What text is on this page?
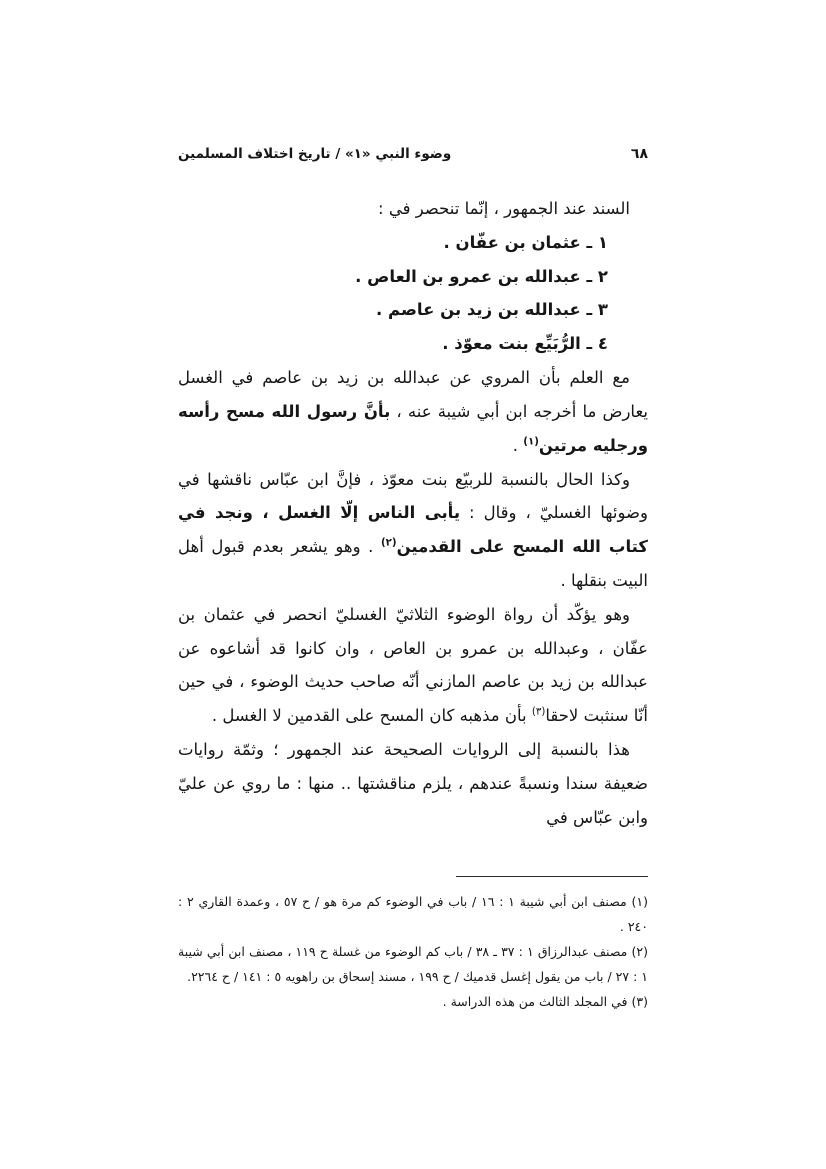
وضوء النبي «١» / تاريخ اختلاف المسلمين	٦٨

السند عند الجمهور ، إنّما تنحصر في :

١ ـ عثمان بن عفّان .

٢ ـ عبدالله بن عمرو بن العاص .

٣ ـ عبدالله بن زيد بن عاصم .

٤ ـ الرُّبَيِّع بنت معوّذ .

مع العلم بأن المروي عن عبدالله بن زيد بن عاصم في الغسل يعارض ما أخرجه ابن أبي شيبة عنه ، بأنَّ رسول الله مسح رأسه ورجليه مرتين$^{(١)}$ .

وكذا الحال بالنسبة للربيّع بنت معوّذ ، فإنَّ ابن عبّاس ناقشها في وضوئها الغسليّ ، وقال : يأبى الناس إلّا الغسل ، ونجد في كتاب الله المسح على القدمين$^{(٢)}$ . وهو يشعر بعدم قبول أهل البيت بنقلها .

وهو يؤكّد أن رواة الوضوء الثلاثيّ الغسليّ انحصر في عثمان بن عفّان ، وعبدالله بن عمرو بن العاص ، وان كانوا قد أشاعوه عن عبدالله بن زيد بن عاصم المازني أنّه صاحب حديث الوضوء ، في حين أنّا سنثبت لاحقا$^{(٣)}$ بأن مذهبه كان المسح على القدمين لا الغسل .

هذا بالنسبة إلى الروايات الصحيحة عند الجمهور ؛ وثمّة روايات ضعيفة سندا ونسبةً عندهم ، يلزم مناقشتها .. منها : ما روي عن عليّ وابن عبّاس في

(١) مصنف ابن أبي شيبة ١ : ١٦ / باب في الوضوء كم مرة هو / ح ٥٧ ، وعمدة القاري ٢ : ٢٤٠ .

(٢) مصنف عبدالرزاق ١ : ٣٧ ـ ٣٨ / باب كم الوضوء من غسلة ح ١١٩ ، مصنف ابن أبي شيبة ١ : ٢٧ / باب من يقول إغسل قدميك / ح ١٩٩ ، مسند إسحاق بن راهويه ٥ : ١٤١ / ح ٢٢٦٤.

(٣) في المجلد الثالث من هذه الدراسة .
